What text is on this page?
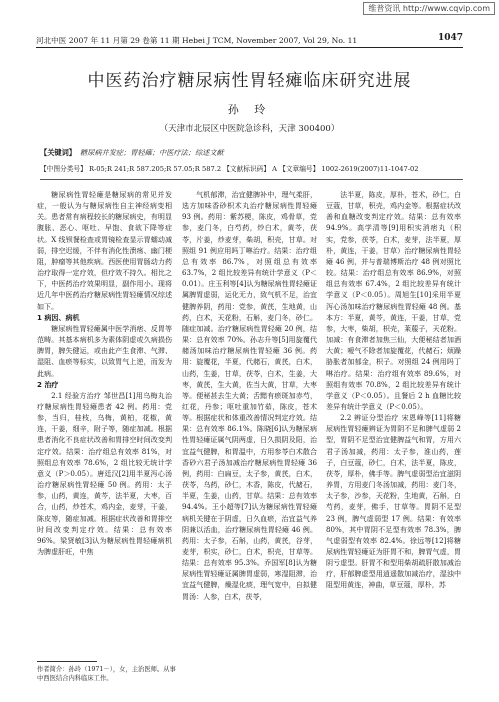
维普资讯 http://www.cqvip.com
河北中医 2007 年 11 月第 29 卷第 11 期 Hebei J TCM, November 2007, Vol 29, No. 11	1047
中医药治疗糖尿病性胃轻瘫临床研究进展
孙 玲
（天津市北辰区中医院急诊科，天津 300400）
【关键词】 糖尿病并发症；胃轻瘫；中医疗法；综述文献
【中图分类号】 R-05;R 241;R 587.205;R 57.05;R 587.2 【文献标识码】 A 【文章编号】 1002-2619(2007)11-1047-02

糖尿病性胃轻瘫是糖尿病的常见并发症，一般认为与糖尿病性自主神经病变相关。患者常有病程较长的糖尿病史，有明显腹胀、恶心、呕吐、早饱、食欲下降等症状。X 线钡餐检查或胃镜检查显示胃蠕动减弱，排空迟缓，不伴有消化性溃疡、幽门梗阻，肿瘤等其他疾病。西医使用胃肠动力药治疗取得一定疗效，但疗效不持久。相比之下，中医药治疗效果明显，副作用小。现将近几年中医药治疗糖尿病性胃轻瘫情况综述如下。

1 病因、病机

糖尿病性胃轻瘫属中医学消痞、反胃等范畴。其基本病机多为素体阴虚或久病损伤脾胃，脾失健运，或由此产生食滞、气滞、湿阻、血瘀等标实，以致胃气上逆，而发为此病。

2 治疗

2.1 经验方治疗 邹世昌[1]用乌梅丸治疗糖尿病性胃轻瘫患者 42 例。药用：党参，当归，桂枝，乌梅，黄柏，花椒，黄连，干姜，细辛，附子等，随症加减。根据患者消化不良症状改善和胃排空时间改变判定疗效。结果：治疗组总有效率 81%，对照组总有效率 78.6%，2 组比较无统计学意义（P＞0.05）。唐廷汉[2]用半夏泻心汤治疗糖尿病性胃轻瘫 50 例。药用：太子参，山药，黄连，黄芩，法半夏，大枣，百合，山药，炒苍术，鸡内金，麦芽，干姜，陈皮等，随症加减。根据症状改善和胃排空时间改变判定疗效。结果：总有效率 96%。梁贤敏[3]认为糖尿病性胃轻瘫病机为脾虚肝旺，中焦

气机郁滞，治宜健脾补中，理气柔肝，选方加味香砂枳术丸治疗糖尿病性胃轻瘫 93 例。药用：紫苏梗，陈皮，鸡骨草，党参，麦门冬，白芍药，炒白术，黄芩，茯苓，片姜，炒麦芽，柴胡，积壳，甘草。对照组 91 例应用吗丁啉治疗。结果：治疗组总有效率 86.7%，对照组总有效率 63.7%，2 组比较差异有统计学意义（P＜0.01）。庄玉利等[4]认为糖尿病性胃轻瘫证属脾胃虚弱，运化无力，致气机不足，治宜健脾养阴，药用：党参，黄芪，生地黄，山药，白术，天花粉，石斛，麦门冬，砂仁。随症加减。治疗糖尿病性胃轻瘫 20 例，结果：总有效率 70%。孙志升等[5]用旋覆代赭汤加味治疗糖尿病性胃轻瘫 36 例。药用：旋覆花，半夏，代赭石，黄芪，白术，山药，生姜，甘草，茯苓，白术，生姜，大枣，黄芪，生大黄，佐当大黄，甘草，大枣等。便秘甚去生大黄；舌黯有瘀斑加赤芍，红花，丹参；呕吐重加竹茹，陈皮，苍术等。根据症状和体重改善情况判定疗效。结果：总有效率 86.1%。陈晓[6]认为糖尿病性胃轻瘫证属气阴两虚，日久损阴及阳，治宜益气健脾，和胃温中，方用参苓白术散合香砂六君子汤加减治疗糖尿病性胃轻瘫 36 例，药用：白扁豆，太子参，黄芪，白术，茯苓，乌药，砂仁，木香，陈皮，代赭石，半夏，生姜，山药，甘草。结果：总有效率 94.4%。王小超等[7]认为糖尿病性胃轻瘫病机关键在于阴虚，日久血瘀，治宜益气养阴兼以活血，治疗糖尿病性胃轻瘫 46 例。药用：太子参，石斛，山药，黄芪，谷芽，麦芽，枳实，砂仁，白术，枳壳，甘草等。结果：总有效率 95.3%。乔国军[8]认为糖尿病性胃轻瘫证属脾胃虚弱，寒湿阻滞，治宜益气健脾，燥湿化痰，理气宽中，自拟健胃汤：人参，白术，茯苓，

法半夏，陈皮，厚朴，苍术，砂仁，白豆蔻，甘草，积壳，鸡内金等。根据症状改善和血糖改变判定疗效。结果：总有效率 94.9%。高学清等[9]用积实消痞丸（积实，党参，茯苓，白术，麦芽，法半夏，厚朴，黄连，干姜，甘草）治疗糖尿病性胃轻瘫 46 例，并与普瑞博斯治疗 48 例对照比较。结果：治疗组总有效率 86.9%，对照组总有效率 67.4%，2 组比较差异有统计学意义（P＜0.05）。周旭生[10]采用半夏泻心汤加味治疗糖尿病性胃轻瘫 48 例。基本方：半夏，黄芩，黄连，干姜，甘草，党参，大枣，柴胡，枳壳，莱菔子，天花粉。加减：有食滞者加焦三仙，大便秘结者加酒大黄；嗳气不除者加旋覆花，代赭石；烦躁胁胀者加郁金，枳子。对照组 24 例用吗丁啉治疗。结果：治疗组有效率 89.6%，对照组有效率 70.8%，2 组比较差异有统计学意义（P＜0.05）。且餐后 2 h 血糖比较差异有统计学意义（P＜0.05）。

2.2 辨证分型治疗 宋恩峰等[11]将糖尿病性胃轻瘫辨证为胃阴不足和脾气虚弱 2 型，胃阴不足型治宜健脾益气和胃，方用六君子汤加减，药用：太子参，淮山药，莲子，白豆蔻，砂仁，白术，法半夏，陈皮，茯苓，厚朴，佛手等。脾气虚弱型治宜滋阴养胃，方用麦门冬汤加减，药用：麦门冬，太子参，沙参，天花粉，生地黄，石斛，白芍药，麦芽，佛手，甘草等。胃阴不足型 23 例，脾气虚弱型 17 例。结果：有效率 80%，其中胃阴不足型有效率 78.3%，脾气虚弱型有效率 82.4%。徐远等[12]将糖尿病性胃轻瘫证为肝胃不和，脾胃气虚，胃阴亏虚型。肝胃不和型用柴胡疏肝散加减治疗，肝郁脾虚型用逍遥散加减治疗，湿浊中阻型用黄连，神曲，草豆蔻，厚朴，苏

作者简介：孙玲（1971－），女，主治医师。从事中西医结合内科临床工作。
